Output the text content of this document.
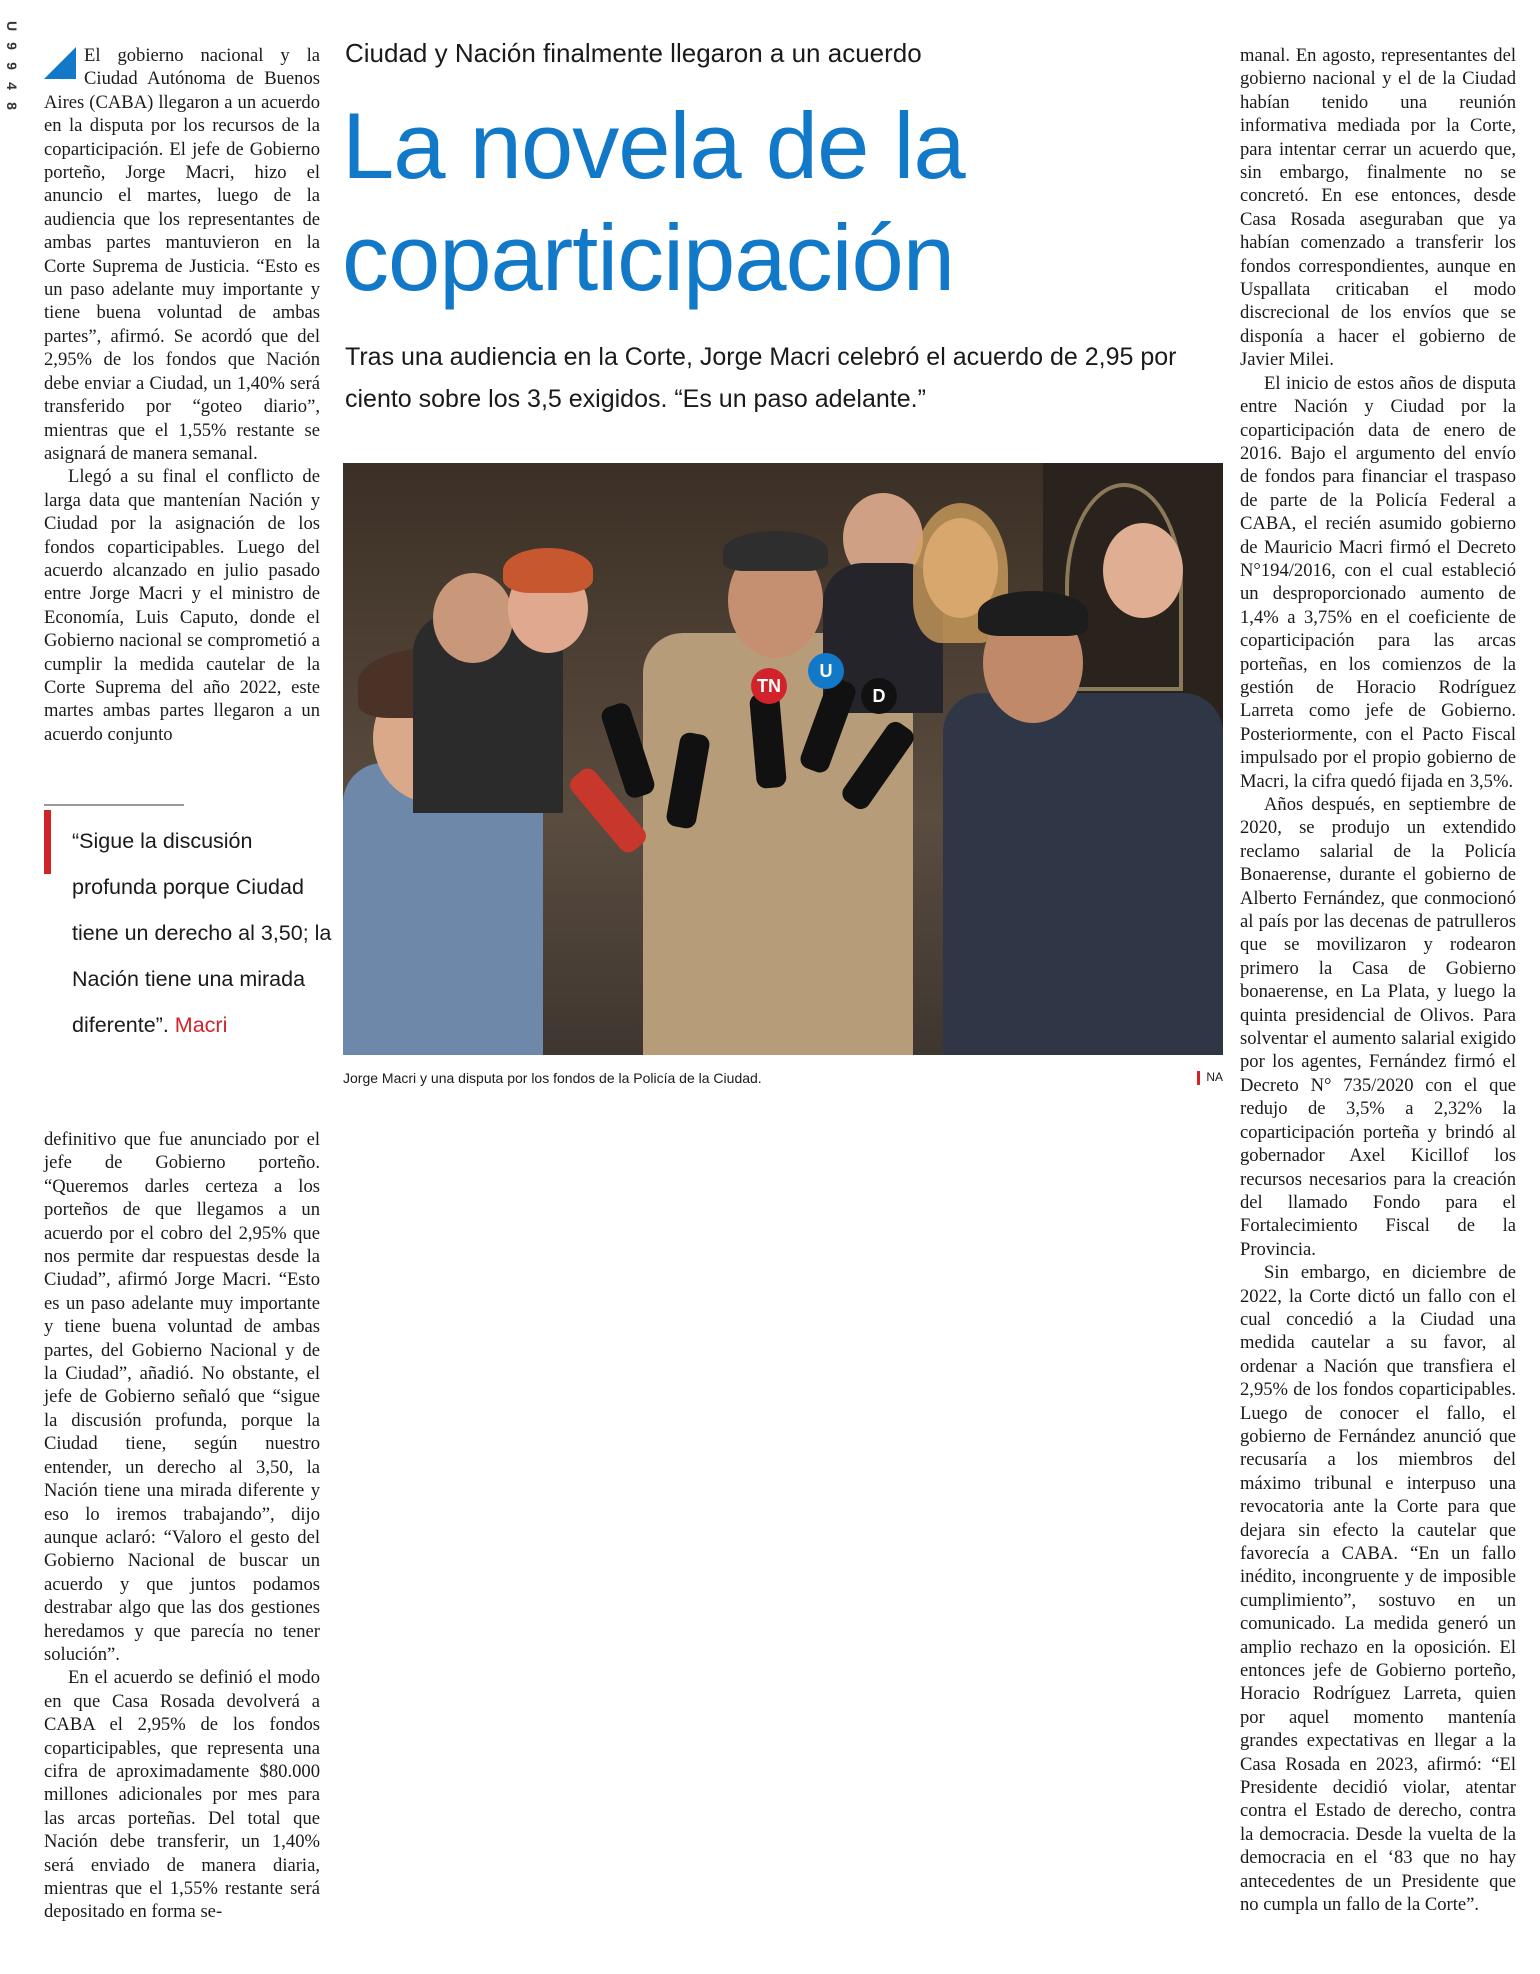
U
9
9
4
8

El gobierno nacional y la Ciudad Autónoma de Buenos Aires (CABA) llegaron a un acuerdo en la disputa por los recursos de la coparticipación. El jefe de Gobierno porteño, Jorge Macri, hizo el anuncio el martes, luego de la audiencia que los representantes de ambas partes mantuvieron en la Corte Suprema de Justicia. “Esto es un paso adelante muy importante y tiene buena voluntad de ambas partes”, afirmó. Se acordó que del 2,95% de los fondos que Nación debe enviar a Ciudad, un 1,40% será transferido por “goteo diario”, mientras que el 1,55% restante se asignará de manera semanal.

Llegó a su final el conflicto de larga data que mantenían Nación y Ciudad por la asignación de los fondos coparticipables. Luego del acuerdo alcanzado en julio pasado entre Jorge Macri y el ministro de Economía, Luis Caputo, donde el Gobierno nacional se comprometió a cumplir la medida cautelar de la Corte Suprema del año 2022, este martes ambas partes llegaron a un acuerdo conjunto

“Sigue la discusión profunda porque Ciudad tiene un derecho al 3,50; la Nación tiene una mirada diferente”. Macri

definitivo que fue anunciado por el jefe de Gobierno porteño. “Queremos darles certeza a los porteños de que llegamos a un acuerdo por el cobro del 2,95% que nos permite dar respuestas desde la Ciudad”, afirmó Jorge Macri. “Esto es un paso adelante muy importante y tiene buena voluntad de ambas partes, del Gobierno Nacional y de la Ciudad”, añadió. No obstante, el jefe de Gobierno señaló que “sigue la discusión profunda, porque la Ciudad tiene, según nuestro entender, un derecho al 3,50, la Nación tiene una mirada diferente y eso lo iremos trabajando”, dijo aunque aclaró: “Valoro el gesto del Gobierno Nacional de buscar un acuerdo y que juntos podamos destrabar algo que las dos gestiones heredamos y que parecía no tener solución”.

En el acuerdo se definió el modo en que Casa Rosada devolverá a CABA el 2,95% de los fondos coparticipables, que representa una cifra de aproximadamente $80.000 millones adicionales por mes para las arcas porteñas. Del total que Nación debe transferir, un 1,40% será enviado de manera diaria, mientras que el 1,55% restante será depositado en forma se-

Ciudad y Nación finalmente llegaron a un acuerdo
La novela de la
coparticipación

Tras una audiencia en la Corte, Jorge Macri celebró el acuerdo de 2,95 por ciento sobre los 3,5 exigidos. “Es un paso adelante.”

TN
U
D
Jorge Macri y una disputa por los fondos de la Policía de la Ciudad.	NA

manal. En agosto, representantes del gobierno nacional y el de la Ciudad habían tenido una reunión informativa mediada por la Corte, para intentar cerrar un acuerdo que, sin embargo, finalmente no se concretó. En ese entonces, desde Casa Rosada aseguraban que ya habían comenzado a transferir los fondos correspondientes, aunque en Uspallata criticaban el modo discrecional de los envíos que se disponía a hacer el gobierno de Javier Milei.

El inicio de estos años de disputa entre Nación y Ciudad por la coparticipación data de enero de 2016. Bajo el argumento del envío de fondos para financiar el traspaso de parte de la Policía Federal a CABA, el recién asumido gobierno de Mauricio Macri firmó el Decreto N°194/2016, con el cual estableció un desproporcionado aumento de 1,4% a 3,75% en el coeficiente de coparticipación para las arcas porteñas, en los comienzos de la gestión de Horacio Rodríguez Larreta como jefe de Gobierno. Posteriormente, con el Pacto Fiscal impulsado por el propio gobierno de Macri, la cifra quedó fijada en 3,5%.

Años después, en septiembre de 2020, se produjo un extendido reclamo salarial de la Policía Bonaerense, durante el gobierno de Alberto Fernández, que conmocionó al país por las decenas de patrulleros que se movilizaron y rodearon primero la Casa de Gobierno bonaerense, en La Plata, y luego la quinta presidencial de Olivos. Para solventar el aumento salarial exigido por los agentes, Fernández firmó el Decreto N° 735/2020 con el que redujo de 3,5% a 2,32% la coparticipación porteña y brindó al gobernador Axel Kicillof los recursos necesarios para la creación del llamado Fondo para el Fortalecimiento Fiscal de la Provincia.

Sin embargo, en diciembre de 2022, la Corte dictó un fallo con el cual concedió a la Ciudad una medida cautelar a su favor, al ordenar a Nación que transfiera el 2,95% de los fondos coparticipables. Luego de conocer el fallo, el gobierno de Fernández anunció que recusaría a los miembros del máximo tribunal e interpuso una revocatoria ante la Corte para que dejara sin efecto la cautelar que favorecía a CABA. “En un fallo inédito, incongruente y de imposible cumplimiento”, sostuvo en un comunicado. La medida generó un amplio rechazo en la oposición. El entonces jefe de Gobierno porteño, Horacio Rodríguez Larreta, quien por aquel momento mantenía grandes expectativas en llegar a la Casa Rosada en 2023, afirmó: “El Presidente decidió violar, atentar contra el Estado de derecho, contra la democracia. Desde la vuelta de la democracia en el ‘83 que no hay antecedentes de un Presidente que no cumpla un fallo de la Corte”.
